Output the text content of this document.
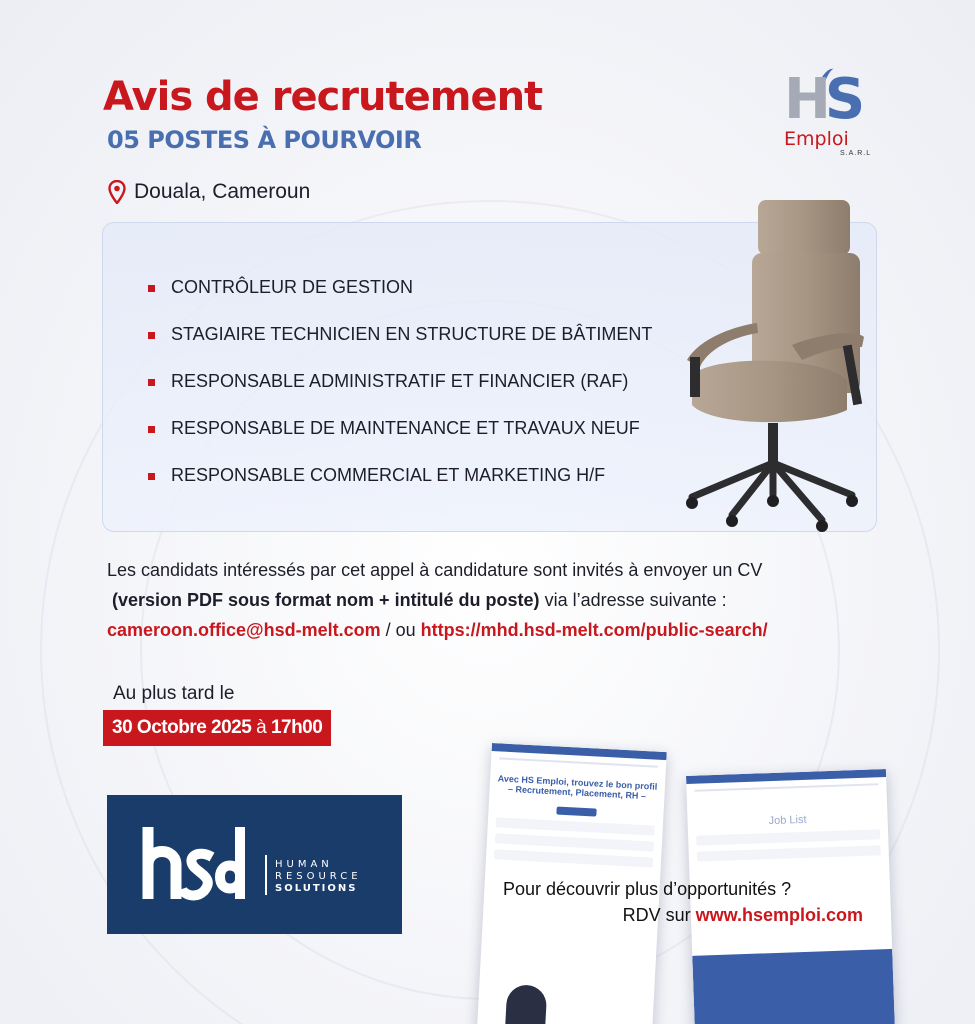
Avis de recrutement
05 POSTES À POURVOIR
HS
Emploi
S.A.R.L
Douala, Cameroun
CONTRÔLEUR DE GESTION
STAGIAIRE TECHNICIEN EN STRUCTURE DE BÂTIMENT
RESPONSABLE ADMINISTRATIF ET FINANCIER (RAF)
RESPONSABLE DE MAINTENANCE ET TRAVAUX NEUF
RESPONSABLE COMMERCIAL ET MARKETING H/F
Les candidats intéressés par cet appel à candidature sont invités à envoyer un CV
(version PDF sous format nom + intitulé du poste) via l’adresse suivante :
cameroon.office@hsd-melt.com / ou https://mhd.hsd-melt.com/public-search/
Au plus tard le
30 Octobre 2025 à 17h00
HUMAN
RESOURCE
SOLUTIONS
Avec HS Emploi, trouvez le bon profil – Recrutement, Placement, RH –
Job List
Pour découvrir plus d’opportunités ?
RDV sur www.hsemploi.com
